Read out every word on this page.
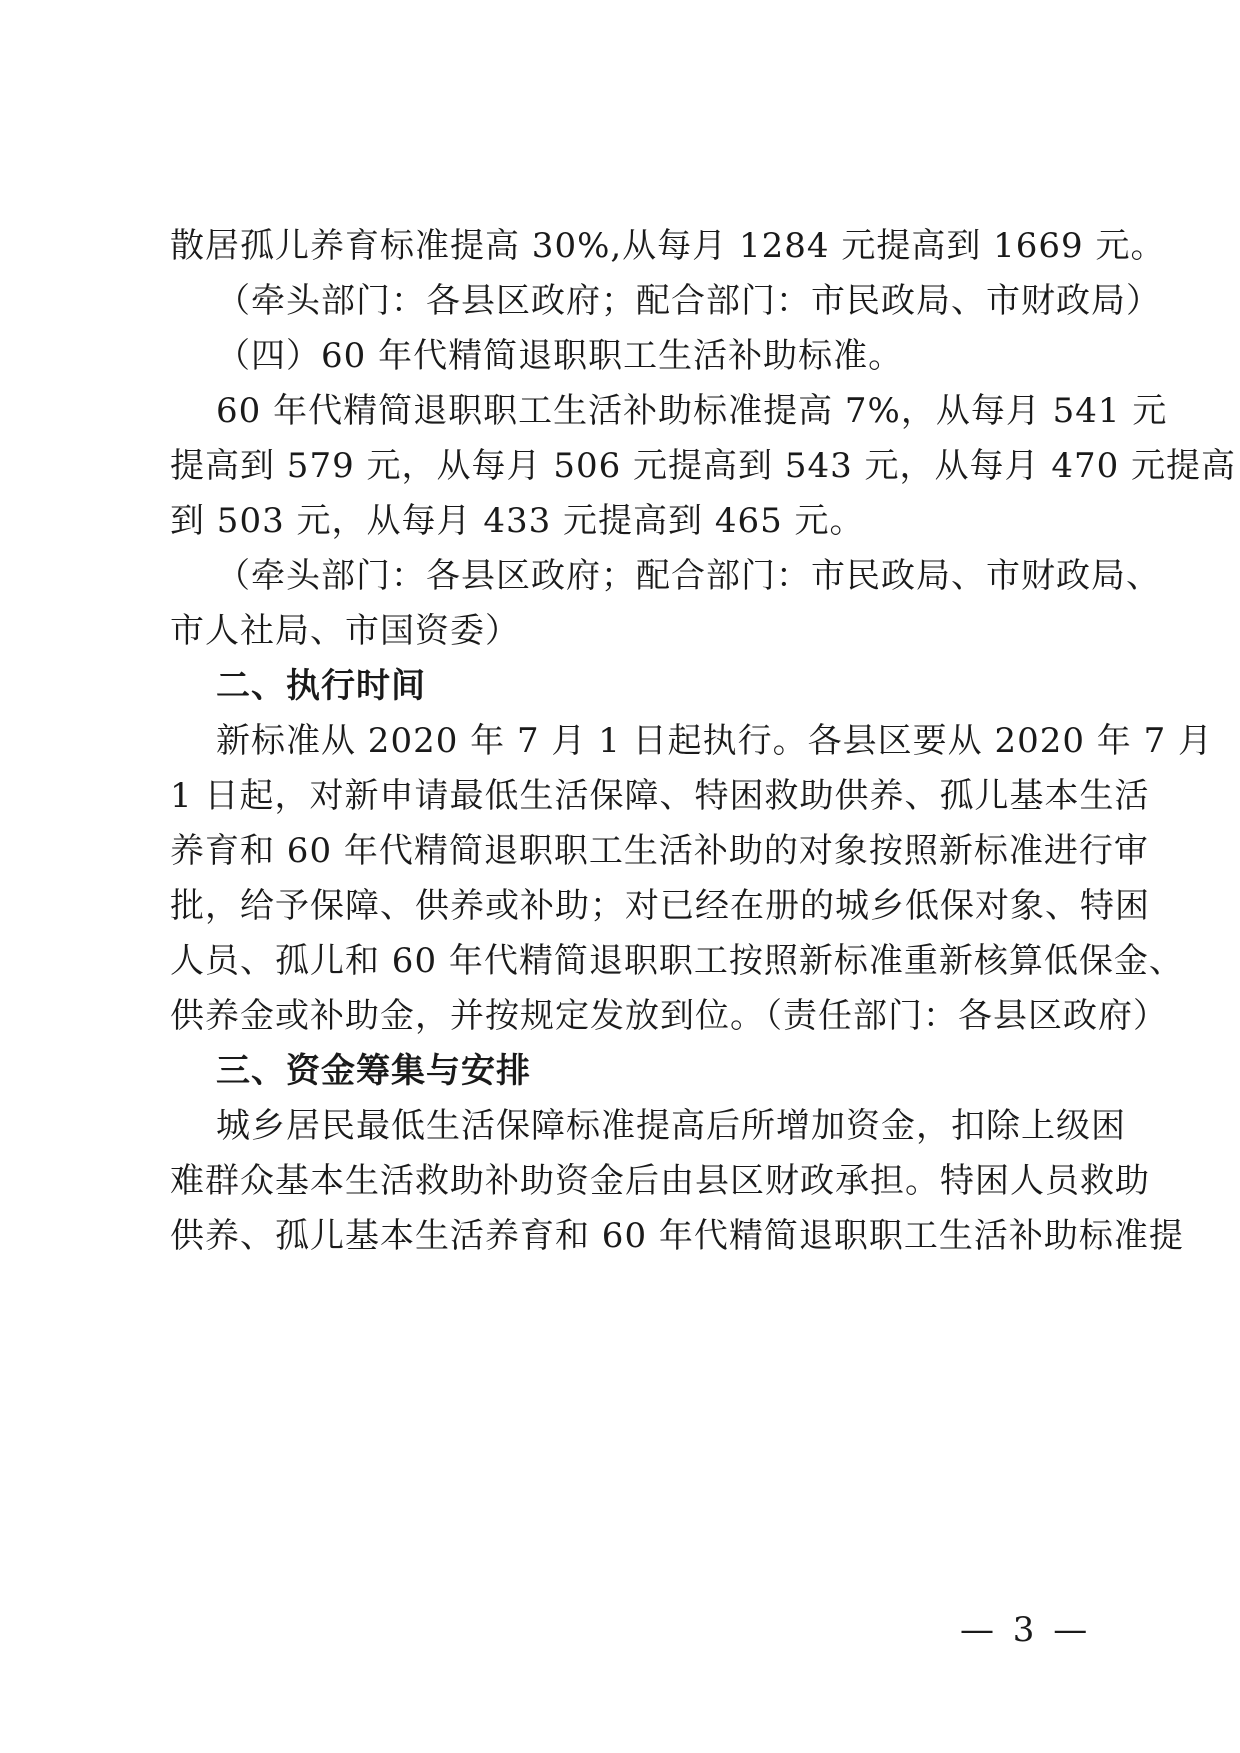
散居孤儿养育标准提高 30%,从每月 1284 元提高到 1669 元。
（牵头部门：各县区政府；配合部门：市民政局、市财政局）
（四）60 年代精简退职职工生活补助标准。
60 年代精简退职职工生活补助标准提高 7%，从每月 541 元
提高到 579 元，从每月 506 元提高到 543 元，从每月 470 元提高
到 503 元，从每月 433 元提高到 465 元。
（牵头部门：各县区政府；配合部门：市民政局、市财政局、
市人社局、市国资委）
二、执行时间
新标准从 2020 年 7 月 1 日起执行。各县区要从 2020 年 7 月
1 日起，对新申请最低生活保障、特困救助供养、孤儿基本生活
养育和 60 年代精简退职职工生活补助的对象按照新标准进行审
批，给予保障、供养或补助；对已经在册的城乡低保对象、特困
人员、孤儿和 60 年代精简退职职工按照新标准重新核算低保金、
供养金或补助金，并按规定发放到位。（责任部门：各县区政府）
三、资金筹集与安排
城乡居民最低生活保障标准提高后所增加资金，扣除上级困
难群众基本生活救助补助资金后由县区财政承担。特困人员救助
供养、孤儿基本生活养育和 60 年代精简退职职工生活补助标准提
— 3 —
